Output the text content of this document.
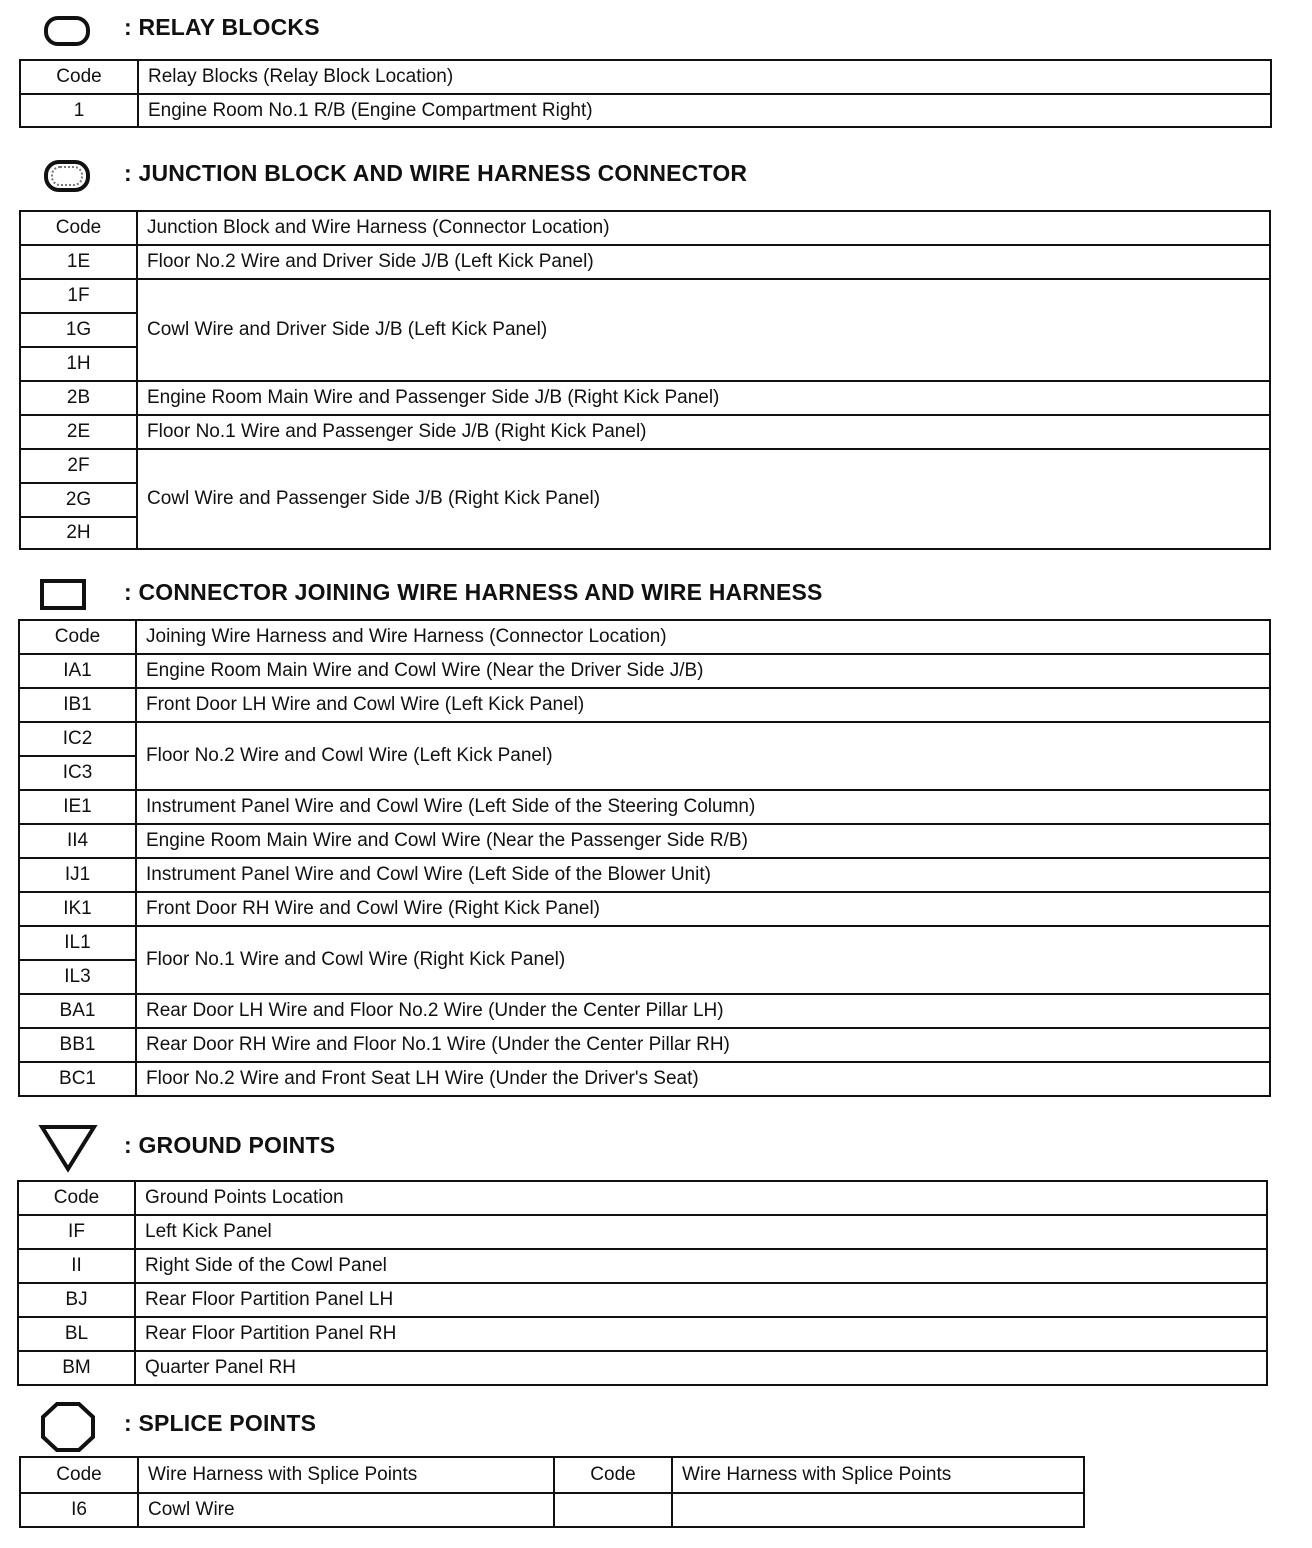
: RELAY BLOCKS
Code	Relay Blocks (Relay Block Location)
1	Engine Room No.1 R/B (Engine Compartment Right)
: JUNCTION BLOCK AND WIRE HARNESS CONNECTOR
Code	Junction Block and Wire Harness (Connector Location)
1E	Floor No.2 Wire and Driver Side J/B (Left Kick Panel)
1F	Cowl Wire and Driver Side J/B (Left Kick Panel)
1G	
1H	
2B	Engine Room Main Wire and Passenger Side J/B (Right Kick Panel)
2E	Floor No.1 Wire and Passenger Side J/B (Right Kick Panel)
2F	Cowl Wire and Passenger Side J/B (Right Kick Panel)
2G	
2H	
: CONNECTOR JOINING WIRE HARNESS AND WIRE HARNESS
Code	Joining Wire Harness and Wire Harness (Connector Location)
IA1	Engine Room Main Wire and Cowl Wire (Near the Driver Side J/B)
IB1	Front Door LH Wire and Cowl Wire (Left Kick Panel)
IC2	Floor No.2 Wire and Cowl Wire (Left Kick Panel)
IC3	
IE1	Instrument Panel Wire and Cowl Wire (Left Side of the Steering Column)
II4	Engine Room Main Wire and Cowl Wire (Near the Passenger Side R/B)
IJ1	Instrument Panel Wire and Cowl Wire (Left Side of the Blower Unit)
IK1	Front Door RH Wire and Cowl Wire (Right Kick Panel)
IL1	Floor No.1 Wire and Cowl Wire (Right Kick Panel)
IL3	
BA1	Rear Door LH Wire and Floor No.2 Wire (Under the Center Pillar LH)
BB1	Rear Door RH Wire and Floor No.1 Wire (Under the Center Pillar RH)
BC1	Floor No.2 Wire and Front Seat LH Wire (Under the Driver's Seat)
: GROUND POINTS
Code	Ground Points Location
IF	Left Kick Panel
II	Right Side of the Cowl Panel
BJ	Rear Floor Partition Panel LH
BL	Rear Floor Partition Panel RH
BM	Quarter Panel RH
: SPLICE POINTS
Code	Wire Harness with Splice Points	Code	Wire Harness with Splice Points
I6	Cowl Wire		
